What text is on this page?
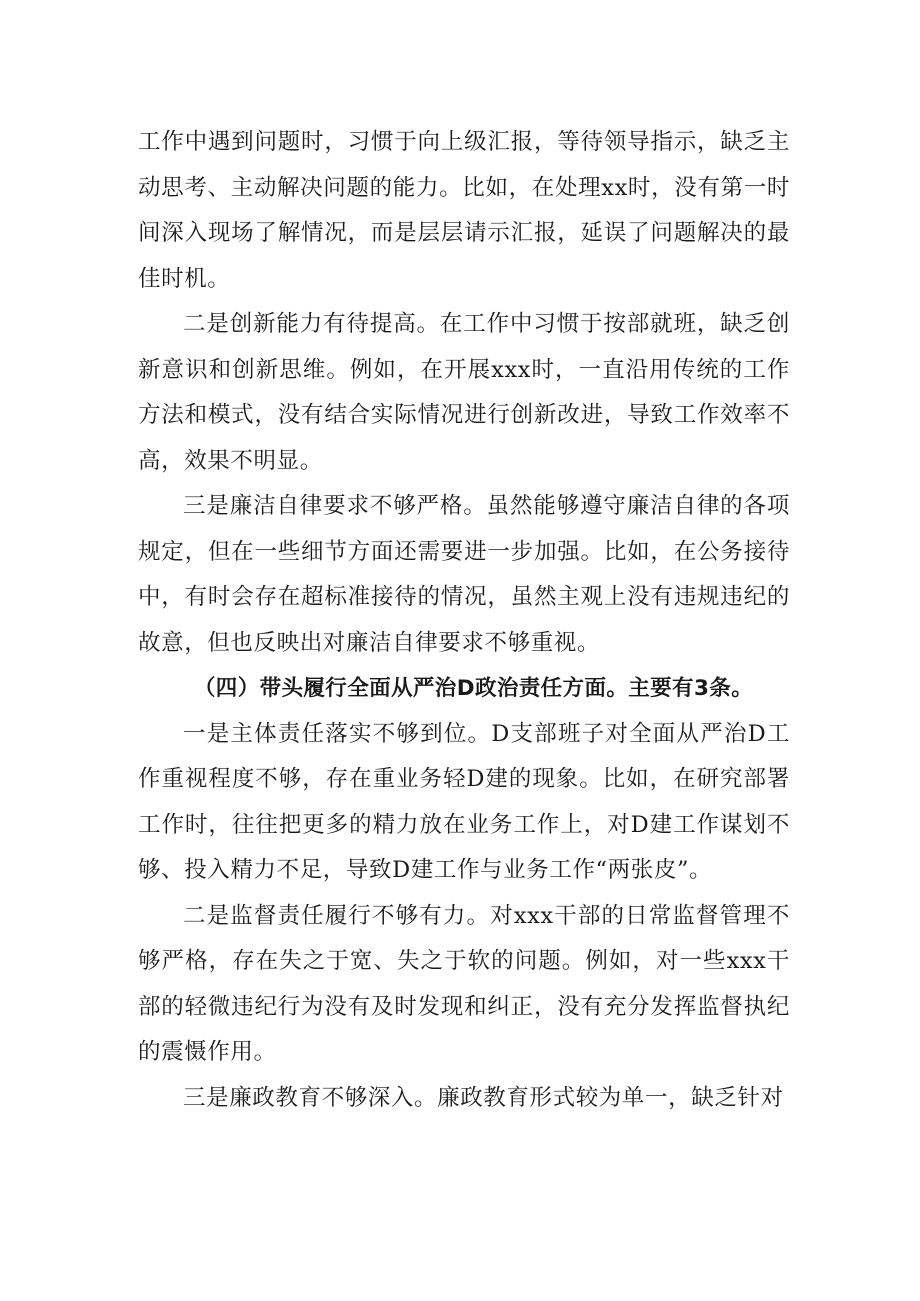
工作中遇到问题时，习惯于向上级汇报，等待领导指示，缺乏主动思考、主动解决问题的能力。比如，在处理xx时，没有第一时间深入现场了解情况，而是层层请示汇报，延误了问题解决的最佳时机。

二是创新能力有待提高。在工作中习惯于按部就班，缺乏创新意识和创新思维。例如，在开展xxx时，一直沿用传统的工作方法和模式，没有结合实际情况进行创新改进，导致工作效率不高，效果不明显。

三是廉洁自律要求不够严格。虽然能够遵守廉洁自律的各项规定，但在一些细节方面还需要进一步加强。比如，在公务接待中，有时会存在超标准接待的情况，虽然主观上没有违规违纪的故意，但也反映出对廉洁自律要求不够重视。

（四）带头履行全面从严治D政治责任方面。主要有3条。

一是主体责任落实不够到位。D支部班子对全面从严治D工作重视程度不够，存在重业务轻D建的现象。比如，在研究部署工作时，往往把更多的精力放在业务工作上，对D建工作谋划不够、投入精力不足，导致D建工作与业务工作“两张皮”。

二是监督责任履行不够有力。对xxx干部的日常监督管理不够严格，存在失之于宽、失之于软的问题。例如，对一些xxx干部的轻微违纪行为没有及时发现和纠正，没有充分发挥监督执纪的震慑作用。

三是廉政教育不够深入。廉政教育形式较为单一，缺乏针对
